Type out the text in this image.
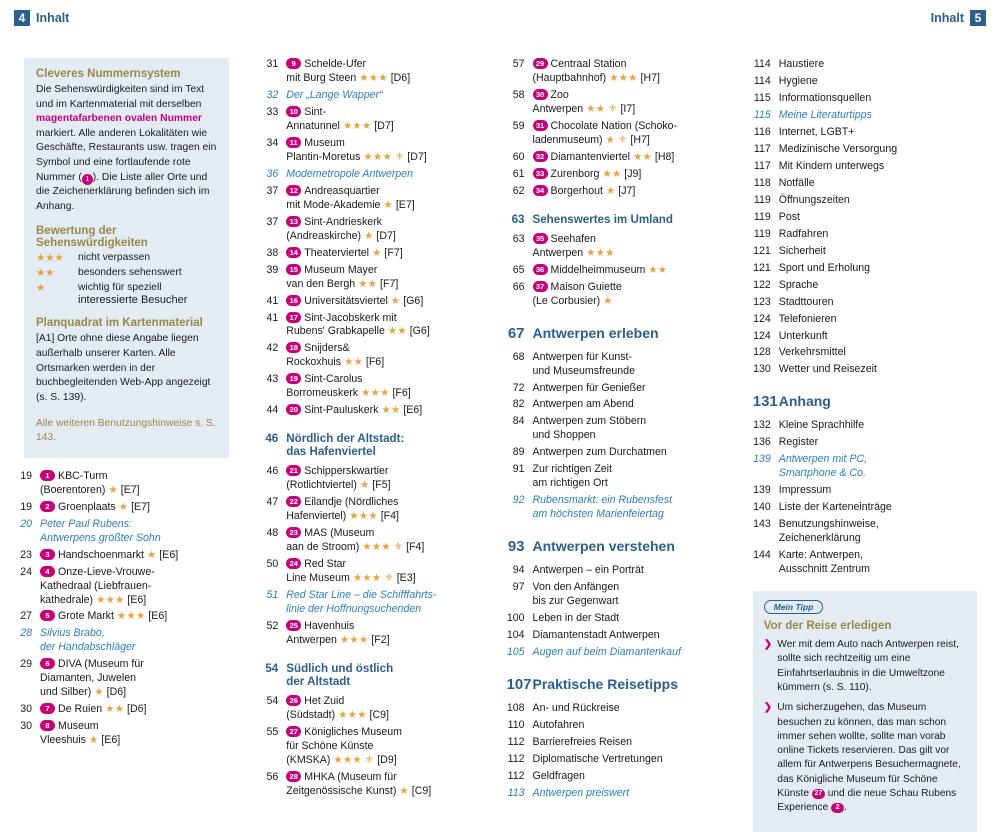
4 Inhalt	Inhalt 5
Cleveres Nummernsystem

Die Sehenswürdigkeiten sind im Text und im Kartenmaterial mit derselben magentafarbenen ovalen Nummer markiert. Alle anderen Lokalitäten wie Geschäfte, Restaurants usw. tragen ein Symbol und eine fortlaufende rote Nummer ( 1 ). Die Liste aller Orte und die Zeichenerklärung befinden sich im Anhang.

Bewertung der Sehenswürdigkeiten
★★★	nicht verpassen
★★	besonders sehenswert
★	wichtig für speziell
interessierte Besucher
Planquadrat im Kartenmaterial

[A1] Orte ohne diese Angabe liegen außerhalb unserer Karten. Alle Ortsmarken werden in der buchbegleitenden Web-App angezeigt (s. S. 139).

Alle weiteren Benutzungshinweise s. S. 143.

19	1 KBC-Turm
(Boerentoren) ★ [E7]
19	2 Groenplaats ★ [E7]
20 Peter Paul Rubens:
Antwerpens größter Sohn
23	3 Handschoenmarkt ★ [E6]
24	4 Onze-Lieve-Vrouwe-
Kathedraal (Liebfrauen-
kathedrale) ★★★ [E6]
27	5 Grote Markt ★★★ [E6]
28 Silvius Brabo,
der Handabschläger
29	6 DIVA (Museum für
Diamanten, Juwelen
und Silber) ★ [D6]
30	7 De Ruien ★★ [D6]
30	8 Museum
Vleeshuis ★ [E6]
31	9 Schelde-Ufer
mit Burg Steen ★★★ [D6]
32 Der „Lange Wapper“
33	10 Sint-
Annatunnel ★★★ [D7]
34	11 Museum
Plantin-Moretus ★★★ ⚜ [D7]
36 Modemetropole Antwerpen
37	12 Andreasquartier
mit Mode-Akademie ★ [E7]
37	13 Sint-Andrieskerk
(Andreaskirche) ★ [D7]
38	14 Theaterviertel ★ [F7]
39	15 Museum Mayer
van den Bergh ★★ [F7]
41	16 Universitätsviertel ★ [G6]
41	17 Sint-Jacobskerk mit
Rubens' Grabkapelle ★★ [G6]
42	18 Snijders&
Rockoxhuis ★★ [F6]
43	19 Sint-Carolus
Borromeuskerk ★★★ [F6]
44	20 Sint-Pauluskerk ★★ [E6]
46 Nördlich der Altstadt:
das Hafenviertel
46	21 Schipperskwartier
(Rotlichtviertel) ★ [F5]
47	22 Eilandje (Nördliches
Hafenviertel) ★★★ [F4]
48	23 MAS (Museum
aan de Stroom) ★★★ ⚜ [F4]
50	24 Red Star
Line Museum ★★★ ⚜ [E3]
51 Red Star Line – die Schifffahrts-
linie der Hoffnungsuchenden
52	25 Havenhuis
Antwerpen ★★★ [F2]
54 Südlich und östlich
der Altstadt
54	26 Het Zuid
(Südstadt) ★★★ [C9]
55	27 Königliches Museum
für Schöne Künste
(KMSKA) ★★★ ⚜ [D9]
56	28 MHKA (Museum für
Zeitgenössische Kunst) ★ [C9]
57	29 Centraal Station
(Hauptbahnhof) ★★★ [H7]
58	30 Zoo
Antwerpen ★★ ⚜ [I7]
59	31 Chocolate Nation (Schoko-
ladenmuseum) ★ ⚜ [H7]
60	32 Diamantenviertel ★★ [H8]
61	33 Zurenborg ★★ [J9]
62	34 Borgerhout ★ [J7]
63 Sehenswertes im Umland
63	35 Seehafen
Antwerpen ★★★
65	36 Middelheimmuseum ★★
66	37 Maison Guiette
(Le Corbusier) ★
67 Antwerpen erleben
68 Antwerpen für Kunst-
und Museumsfreunde
72 Antwerpen für Genießer
82 Antwerpen am Abend
84 Antwerpen zum Stöbern
und Shoppen
89 Antwerpen zum Durchatmen
91 Zur richtigen Zeit
am richtigen Ort
92 Rubensmarkt: ein Rubensfest
am höchsten Marienfeiertag
93 Antwerpen verstehen
94 Antwerpen – ein Porträt
97 Von den Anfängen
bis zur Gegenwart
100 Leben in der Stadt
104 Diamantenstadt Antwerpen
105 Augen auf beim Diamantenkauf
107 Praktische Reisetipps
108 An- und Rückreise
110 Autofahren
112 Barrierefreies Reisen
112 Diplomatische Vertretungen
112 Geldfragen
113 Antwerpen preiswert
114 Haustiere
114 Hygiene
115 Informationsquellen
115 Meine Literaturtipps
116 Internet, LGBT+
117 Medizinische Versorgung
117 Mit Kindern unterwegs
118 Notfälle
119 Öffnungszeiten
119 Post
119 Radfahren
121 Sicherheit
121 Sport und Erholung
122 Sprache
123 Stadttouren
124 Telefonieren
124 Unterkunft
128 Verkehrsmittel
130 Wetter und Reisezeit
131 Anhang
132 Kleine Sprachhilfe
136 Register
139 Antwerpen mit PC,
Smartphone & Co.
139 Impressum
140 Liste der Karteneinträge
143 Benutzungshinweise,
Zeichenerklärung
144 Karte: Antwerpen,
Ausschnitt Zentrum
Mein Tipp
Vor der Reise erledigen
❯ Wer mit dem Auto nach Antwerpen reist, sollte sich rechtzeitig um eine Einfahrtserlaubnis in die Umweltzone kümmern (s. S. 110).
❯ Um sicherzugehen, das Museum besuchen zu können, das man schon immer sehen wollte, sollte man vorab online Tickets reservieren. Das gilt vor allem für Antwerpens Besuchermagnete, das Königliche Museum für Schöne Künste 27 und die neue Schau Rubens Experience 2 .
